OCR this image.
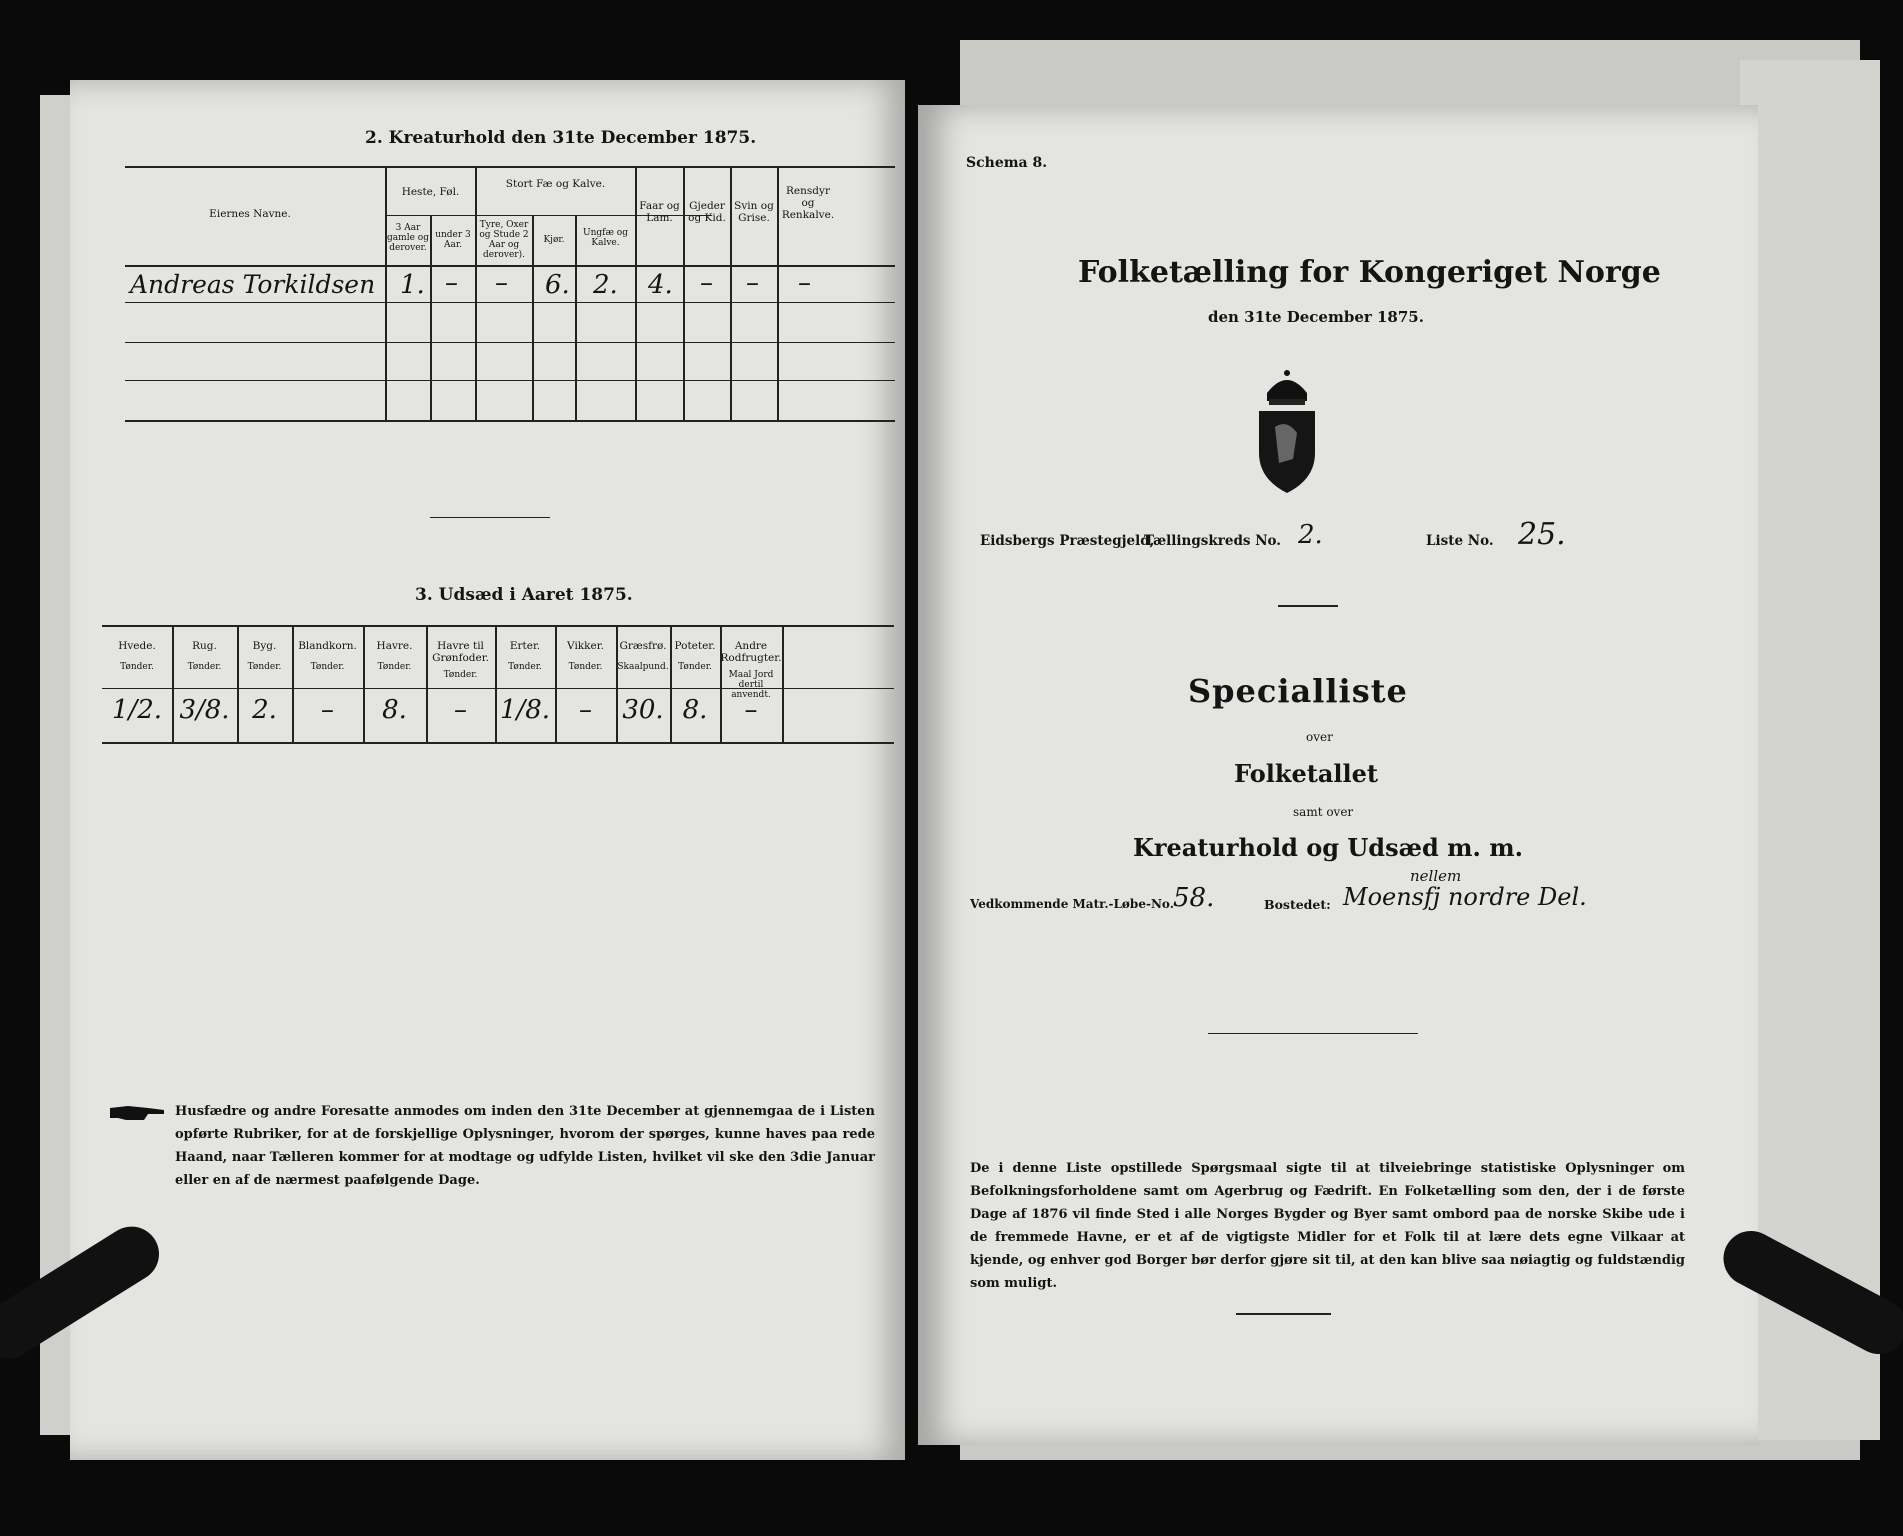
2. Kreaturhold den 31te December 1875.
Eiernes Navne.
Heste, Føl.
3 Aar gamle og derover.
under 3 Aar.
Stort Fæ og Kalve.
Tyre, Oxer og Stude 2 Aar og derover).
Kjør.
Ungfæ og Kalve.
Faar og Lam.
Gjeder og Kid.
Svin og Grise.
Rensdyr og Renkalve.
Andreas Torkildsen 1. – – 6. 2. 4. – – –
3. Udsæd i Aaret 1875.
Husfædre og andre Foresatte anmodes om inden den 31te December at gjennemgaa de i Listen opførte Rubriker, for at de forskjellige Oplysninger, hvorom der spørges, kunne haves paa rede Haand, naar Tælleren kommer for at modtage og udfylde Listen, hvilket vil ske den 3die Januar eller en af de nærmest paafølgende Dage.
Hvede.
Tønder.
1/2.
Rug.
Tønder.
3/8.
Byg.
Tønder.
2.
Blandkorn.
Tønder.
–
Havre.
Tønder.
8.
Havre til Grønfoder.
Tønder.
–
Erter.
Tønder.
1/8.
Vikker.
Tønder.
–
Græsfrø.
Skaalpund.
30.
Poteter.
Tønder.
8.
Andre Rodfrugter.
Maal Jord dertil anvendt.
–
Schema 8.
Folketælling for Kongeriget Norge
den 31te December 1875.
Eidsbergs Præstegjeld,
Tællingskreds No. 2.	Liste No. 25.
Specialliste
over
Folketallet
samt over
Kreaturhold og Udsæd m. m.
Vedkommende Matr.-Løbe-No. 58.	Bostedet:
nellem
Moensfj nordre Del.
De i denne Liste opstillede Spørgsmaal sigte til at tilveiebringe statistiske Oplysninger om Befolkningsforholdene samt om Agerbrug og Fædrift. En Folketælling som den, der i de første Dage af 1876 vil finde Sted i alle Norges Bygder og Byer samt ombord paa de norske Skibe ude i de fremmede Havne, er et af de vigtigste Midler for et Folk til at lære dets egne Vilkaar at kjende, og enhver god Borger bør derfor gjøre sit til, at den kan blive saa nøiagtig og fuldstændig som muligt.
